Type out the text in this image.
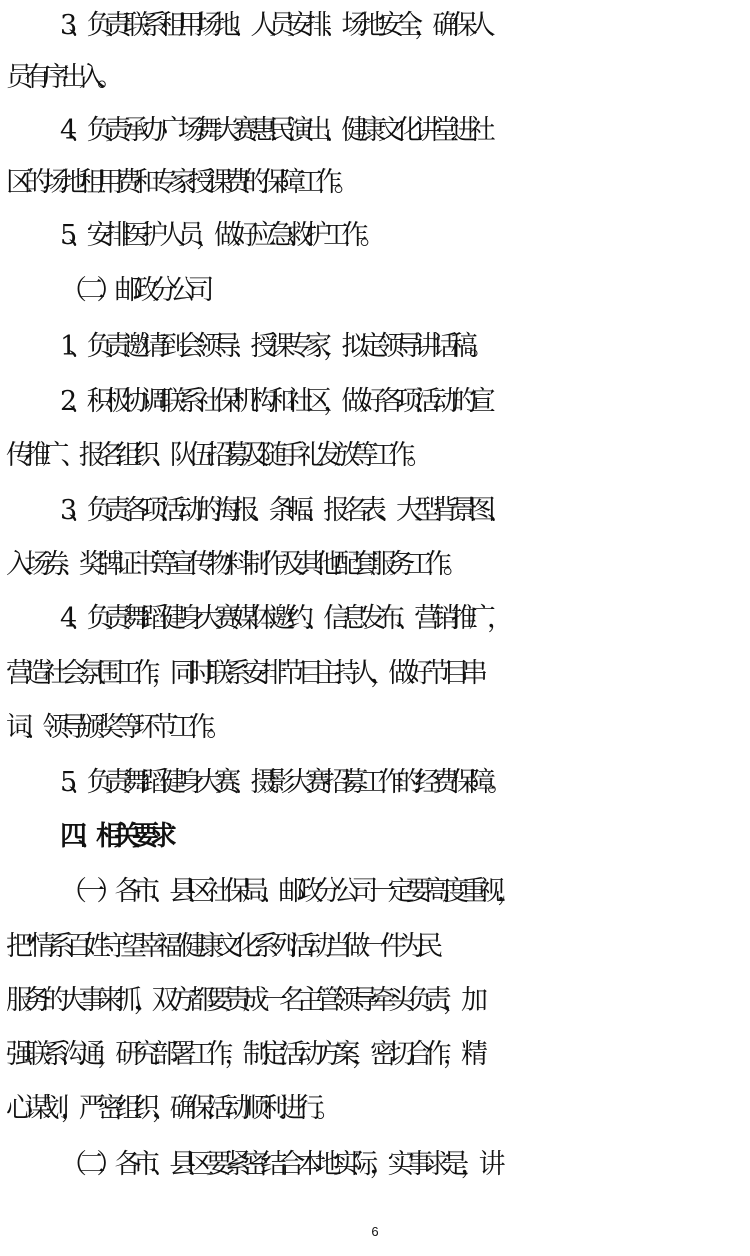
3、负责联系租用场地、人员安排、场地安全，确保人
员有序出入。
4、负责承办广场舞大赛惠民演出、健康文化讲堂进社
区的场地租用费和专家授课费的保障工作。
5、安排医护人员，做好应急救护工作。
（二）邮政分公司
1、负责邀请到会领导、授课专家，拟定领导讲话稿。
2、积极协调联系社保机构和社区，做好各项活动的宣
传推广、报名组织、队伍招募及随手礼发放等工作。
3、负责各项活动的海报、条幅、报名表、大型背景图、
入场券、奖牌证书等宣传物料制作及其他配套服务工作。
4、负责舞蹈健身大赛媒体邀约、信息发布、营销推广，
营造社会氛围工作，同时联系安排节目主持人，做好节目串
词、领导颁奖等环节工作。
5、负责舞蹈健身大赛、摄影大赛招募工作的经费保障。
四、相关要求
（一）各市、县区社保局、邮政分公司一定要高度重视，
把“情系百姓 守望幸福”健康文化系列活动当做一件为民
服务的大事来抓，双方都要责成一名主管领导牵头负责，加
强联系沟通，研究部署工作，制定活动方案，密切合作，精
心谋划，严密组织，确保活动顺利进行。
（二）各市、县区要紧密结合本地实际，实事求是，讲
6
